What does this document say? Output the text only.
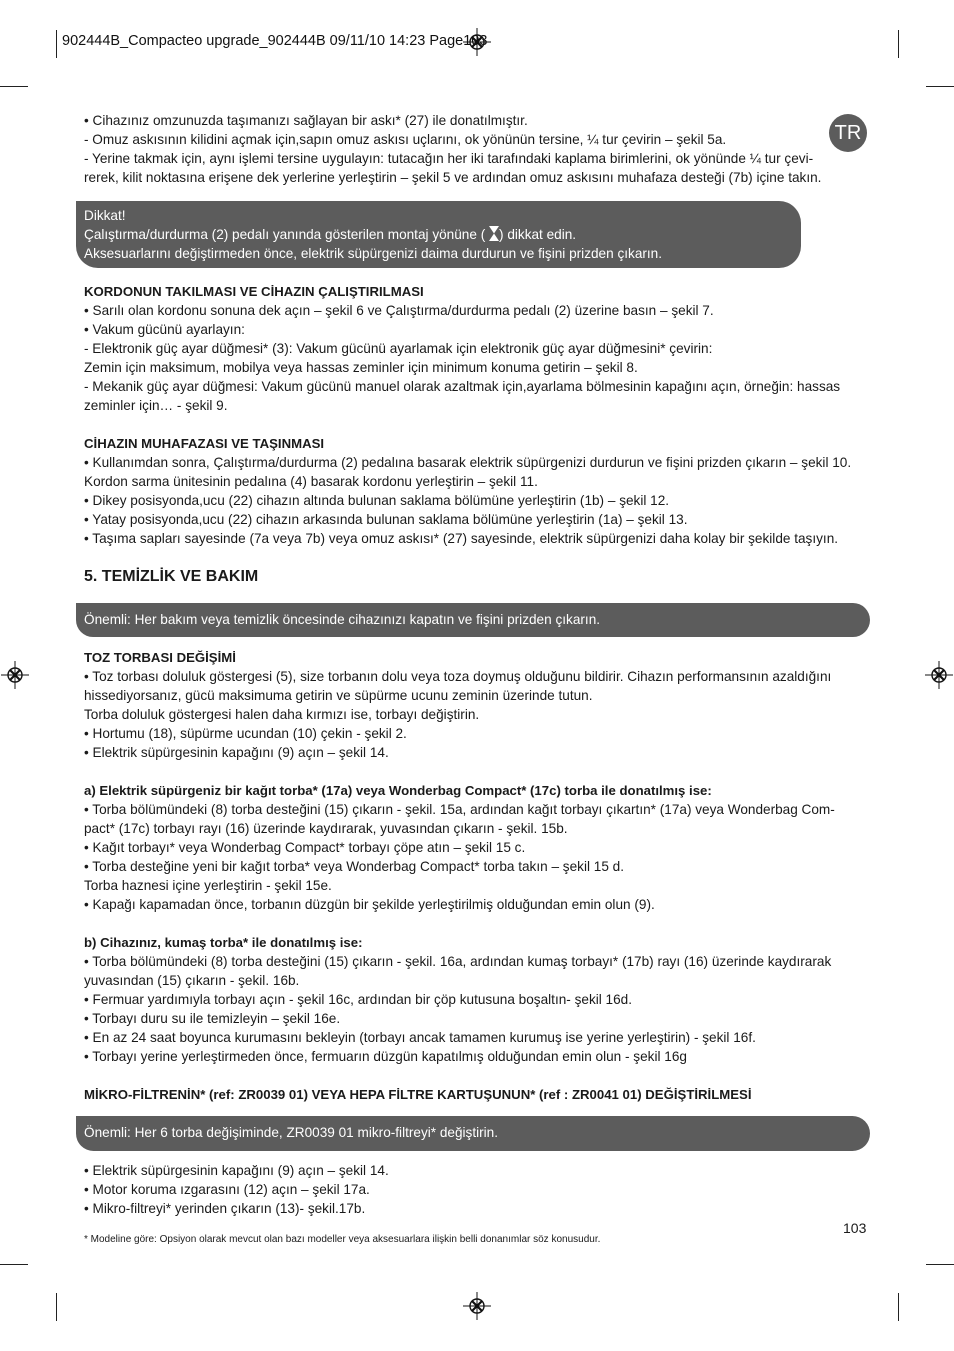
902444B_Compacteo upgrade_902444B 09/11/10 14:23 Page103
TR
• Cihazınız omzunuzda taşımanızı sağlayan bir askı* (27) ile donatılmıştır.
- Omuz askısının kilidini açmak için,sapın omuz askısı uçlarını, ok yönünün tersine, ¼ tur çevirin – şekil 5a.
- Yerine takmak için, aynı işlemi tersine uygulayın: tutacağın her iki tarafındaki kaplama birimlerini, ok yönünde ¼ tur çevi-
rerek, kilit noktasına erişene dek yerlerine yerleştirin – şekil 5 ve ardından omuz askısını muhafaza desteği (7b) içine takın.
Dikkat!
Çalıştırma/durdurma (2) pedalı yanında gösterilen montaj yönüne ( ) dikkat edin.
Aksesuarlarını değiştirmeden önce, elektrik süpürgenizi daima durdurun ve fişini prizden çıkarın.
KORDONUN TAKILMASI VE CİHAZIN ÇALIŞTIRILMASI
• Sarılı olan kordonu sonuna dek açın – şekil 6 ve Çalıştırma/durdurma pedalı (2) üzerine basın – şekil 7.
• Vakum gücünü ayarlayın:
- Elektronik güç ayar düğmesi* (3): Vakum gücünü ayarlamak için elektronik güç ayar düğmesini* çevirin:
Zemin için maksimum, mobilya veya hassas zeminler için minimum konuma getirin – şekil 8.
- Mekanik güç ayar düğmesi: Vakum gücünü manuel olarak azaltmak için,ayarlama bölmesinin kapağını açın, örneğin: hassas
zeminler için… - şekil 9.
CİHAZIN MUHAFAZASI VE TAŞINMASI
• Kullanımdan sonra, Çalıştırma/durdurma (2) pedalına basarak elektrik süpürgenizi durdurun ve fişini prizden çıkarın – şekil 10.
Kordon sarma ünitesinin pedalına (4) basarak kordonu yerleştirin – şekil 11.
• Dikey posisyonda,ucu (22) cihazın altında bulunan saklama bölümüne yerleştirin (1b) – şekil 12.
• Yatay posisyonda,ucu (22) cihazın arkasında bulunan saklama bölümüne yerleştirin (1a) – şekil 13.
• Taşıma sapları sayesinde (7a veya 7b) veya omuz askısı* (27) sayesinde, elektrik süpürgenizi daha kolay bir şekilde taşıyın.
5. TEMİZLİK VE BAKIM
Önemli: Her bakım veya temizlik öncesinde cihazınızı kapatın ve fişini prizden çıkarın.
TOZ TORBASI DEĞİŞİMİ
• Toz torbası doluluk göstergesi (5), size torbanın dolu veya toza doymuş olduğunu bildirir. Cihazın performansının azaldığını
hissediyorsanız, gücü maksimuma getirin ve süpürme ucunu zeminin üzerinde tutun.
Torba doluluk göstergesi halen daha kırmızı ise, torbayı değiştirin.
• Hortumu (18), süpürme ucundan (10) çekin - şekil 2.
• Elektrik süpürgesinin kapağını (9) açın – şekil 14.
a) Elektrik süpürgeniz bir kağıt torba* (17a) veya Wonderbag Compact* (17c) torba ile donatılmış ise:
• Torba bölümündeki (8) torba desteğini (15) çıkarın - şekil. 15a, ardından kağıt torbayı çıkartın* (17a) veya Wonderbag Com-
pact* (17c) torbayı rayı (16) üzerinde kaydırarak, yuvasından çıkarın - şekil. 15b.
• Kağıt torbayı* veya Wonderbag Compact* torbayı çöpe atın – şekil 15 c.
• Torba desteğine yeni bir kağıt torba* veya Wonderbag Compact* torba takın – şekil 15 d.
Torba haznesi içine yerleştirin - şekil 15e.
• Kapağı kapamadan önce, torbanın düzgün bir şekilde yerleştirilmiş olduğundan emin olun (9).
b) Cihazınız, kumaş torba* ile donatılmış ise:
• Torba bölümündeki (8) torba desteğini (15) çıkarın - şekil. 16a, ardından kumaş torbayı* (17b) rayı (16) üzerinde kaydırarak
yuvasından (15) çıkarın - şekil. 16b.
• Fermuar yardımıyla torbayı açın - şekil 16c, ardından bir çöp kutusuna boşaltın- şekil 16d.
• Torbayı duru su ile temizleyin – şekil 16e.
• En az 24 saat boyunca kurumasını bekleyin (torbayı ancak tamamen kurumuş ise yerine yerleştirin) - şekil 16f.
• Torbayı yerine yerleştirmeden önce, fermuarın düzgün kapatılmış olduğundan emin olun - şekil 16g
MİKRO-FİLTRENİN* (ref: ZR0039 01) VEYA HEPA FİLTRE KARTUŞUNUN* (ref : ZR0041 01) DEĞİŞTİRİLMESİ
Önemli: Her 6 torba değişiminde, ZR0039 01 mikro-filtreyi* değiştirin.
• Elektrik süpürgesinin kapağını (9) açın – şekil 14.
• Motor koruma ızgarasını (12) açın – şekil 17a.
• Mikro-filtreyi* yerinden çıkarın (13)- şekil.17b.
103
* Modeline göre: Opsiyon olarak mevcut olan bazı modeller veya aksesuarlara ilişkin belli donanımlar söz konusudur.
